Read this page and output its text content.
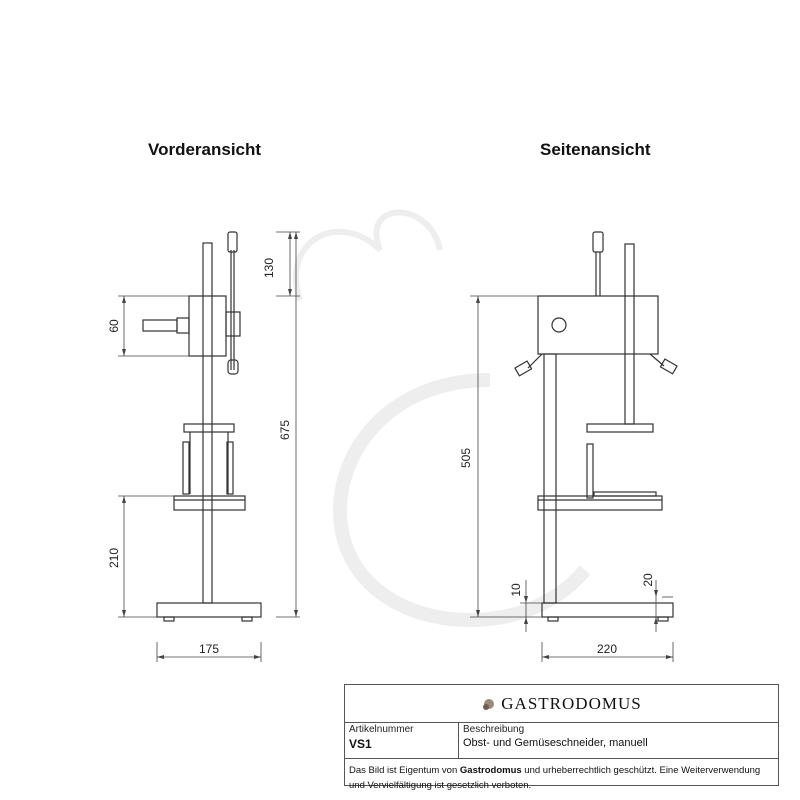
130
675
60
210
175
505
10
20
220
Vorderansicht	Seitenansicht
GASTRODOMUS
Artikelnummer
VS1
Beschreibung
Obst- und Gemüseschneider, manuell
Das Bild ist Eigentum von Gastrodomus und urheberrechtlich geschützt. Eine Weiterverwendung und Vervielfältigung ist gesetzlich verboten.
